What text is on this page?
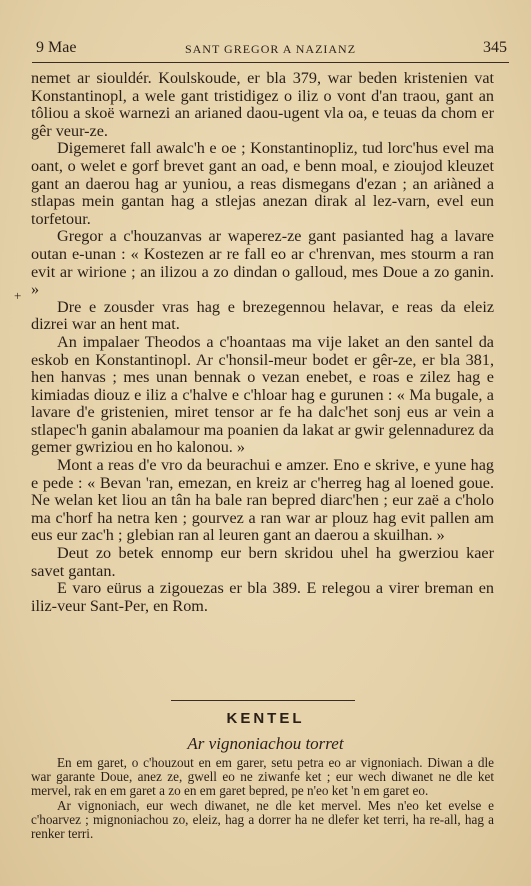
9 Mae	SANT GREGOR A NAZIANZ	345
+

nemet ar siouldér. Koulskoude, er bla 379, war beden kristenien vat Konstantinopl, a wele gant tristidigez o iliz o vont d'an traou, gant an tôliou a skoë warnezi an arianed daou-ugent vla oa, e teuas da chom er gêr veur-ze.

Digemeret fall awalc'h e oe ; Konstantinopliz, tud lorc'hus evel ma oant, o welet e gorf brevet gant an oad, e benn moal, e zioujod kleuzet gant an daerou hag ar yuniou, a reas dismegans d'ezan ; an ariàned a stlapas mein gantan hag a stlejas anezan dirak al lez-varn, evel eun torfetour.

Gregor a c'houzanvas ar waperez-ze gant pasianted hag a lavare outan e-unan : « Kostezen ar re fall eo ar c'hrenvan, mes stourm a ran evit ar wirione ; an ilizou a zo dindan o galloud, mes Doue a zo ganin. »

Dre e zousder vras hag e brezegennou helavar, e reas da eleiz dizrei war an hent mat.

An impalaer Theodos a c'hoantaas ma vije laket an den santel da eskob en Konstantinopl. Ar c'honsil-meur bodet er gêr-ze, er bla 381, hen hanvas ; mes unan bennak o vezan enebet, e roas e zilez hag e kimiadas diouz e iliz a c'halve e c'hloar hag e gurunen : « Ma bugale, a lavare d'e gristenien, miret tensor ar fe ha dalc'het sonj eus ar vein a stlapec'h ganin abalamour ma poanien da lakat ar gwir gelennadurez da gemer gwriziou en ho kalonou. »

Mont a reas d'e vro da beurachui e amzer. Eno e skrive, e yune hag e pede : « Bevan 'ran, emezan, en kreiz ar c'herreg hag al loened goue. Ne welan ket liou an tân ha bale ran bepred diarc'hen ; eur zaë a c'holo ma c'horf ha netra ken ; gourvez a ran war ar plouz hag evit pallen am eus eur zac'h ; glebian ran al leuren gant an daerou a skuilhan. »

Deut zo betek ennomp eur bern skridou uhel ha gwerziou kaer savet gantan.

E varo eürus a zigouezas er bla 389. E relegou a virer breman en iliz-veur Sant-Per, en Rom.

KENTEL
Ar vignoniachou torret

En em garet, o c'houzout en em garer, setu petra eo ar vignoniach. Diwan a dle war garante Doue, anez ze, gwell eo ne ziwanfe ket ; eur wech diwanet ne dle ket mervel, rak en em garet a zo en em garet bepred, pe n'eo ket 'n em garet eo.

Ar vignoniach, eur wech diwanet, ne dle ket mervel. Mes n'eo ket evelse e c'hoarvez ; mignoniachou zo, eleiz, hag a dorrer ha ne dlefer ket terri, ha re-all, hag a renker terri.
